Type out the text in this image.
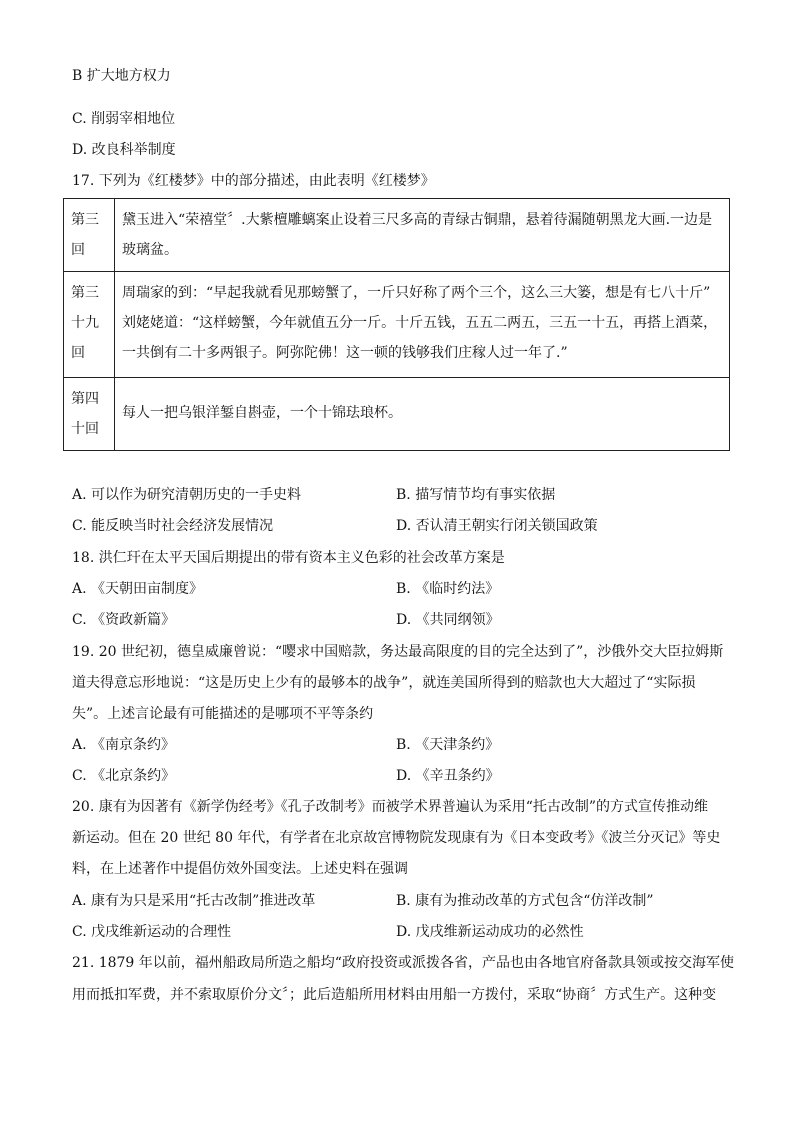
B 扩大地方权力
C. 削弱宰相地位
D. 改良科举制度
17. 下列为《红楼梦》中的部分描述，由此表明《红楼梦》
第三
回	黛玉进入“荣禧堂〞.大紫檀雕螭案止设着三尺多高的青绿古铜鼎，悬着待漏随朝黑龙大画.一边是
玻璃盆。

第三
十九
回	周瑞家的到：“早起我就看见那螃蟹了，一斤只好称了两个三个，这么三大篓，想是有七八十斤”
刘姥姥道：“这样螃蟹，今年就值五分一斤。十斤五钱，五五二两五，三五一十五，再搭上酒菜，
一共倒有二十多两银子。阿弥陀佛！这一顿的钱够我们庄稼人过一年了.”

第四
十回	每人一把乌银洋錾自斟壶，一个十锦珐琅杯。
A. 可以作为研究清朝历史的一手史料	B. 描写情节均有事实依据
C. 能反映当时社会经济发展情况	D. 否认清王朝实行闭关锁国政策
18. 洪仁玕在太平天国后期提出的带有资本主义色彩的社会改革方案是
A. 《天朝田亩制度》	B. 《临时约法》
C. 《资政新篇》	D. 《共同纲领》
19. 20 世纪初，德皇威廉曾说：“嘤求中国赔款，务达最高限度的目的完全达到了”，沙俄外交大臣拉姆斯
道夫得意忘形地说：“这是历史上少有的最够本的战争”，就连美国所得到的赔款也大大超过了“实际损
失”。上述言论最有可能描述的是哪项不平等条约
A. 《南京条约》	B. 《天津条约》
C. 《北京条约》	D. 《辛丑条约》
20. 康有为因著有《新学伪经考》《孔子改制考》而被学术界普遍认为采用“托古改制”的方式宣传推动维
新运动。但在 20 世纪 80 年代，有学者在北京故宫博物院发现康有为《日本变政考》《波兰分灭记》等史
料，在上述著作中提倡仿效外国变法。上述史料在强调
A. 康有为只是采用“托古改制”推进改革	B. 康有为推动改革的方式包含“仿洋改制”
C. 戊戌维新运动的合理性	D. 戊戌维新运动成功的必然性
21. 1879 年以前，福州船政局所造之船均“政府投资或派拨各省，产品也由各地官府备款具领或按交海军使
用而抵扣军费，并不索取原价分文〞；此后造船所用材料由用船一方拨付，采取“协商〞方式生产。这种变
